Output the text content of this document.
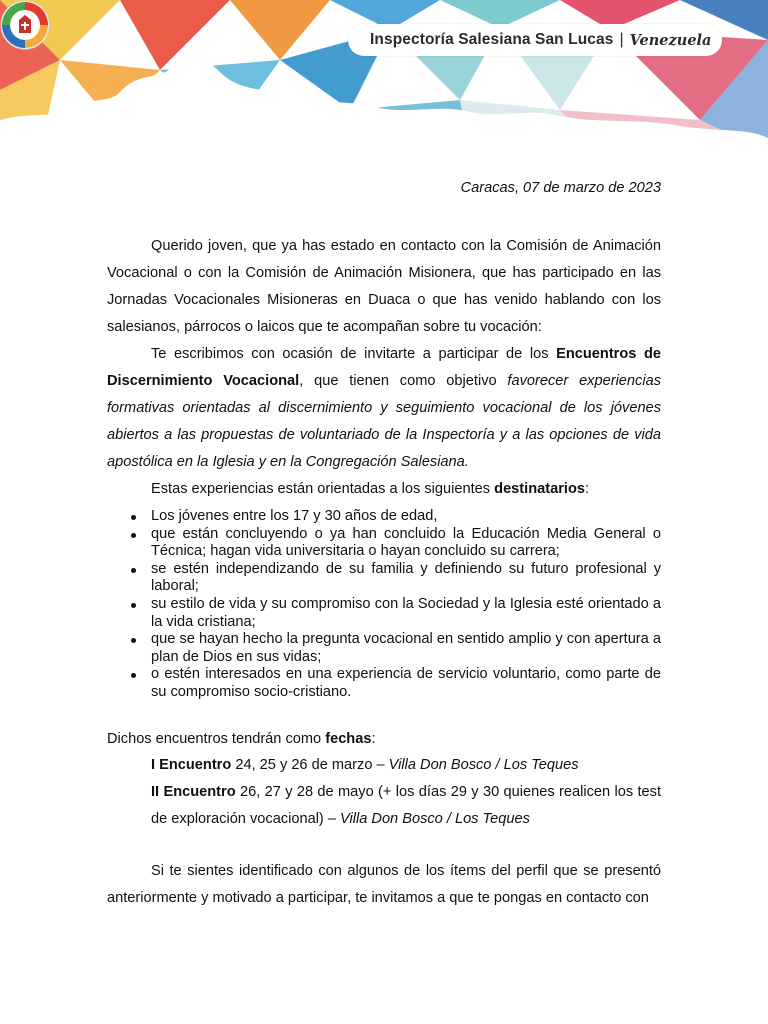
Inspectoría Salesiana San Lucas | Venezuela
Caracas, 07 de marzo de 2023

Querido joven, que ya has estado en contacto con la Comisión de Animación Vocacional o con la Comisión de Animación Misionera, que has participado en las Jornadas Vocacionales Misioneras en Duaca o que has venido hablando con los salesianos, párrocos o laicos que te acompañan sobre tu vocación:

Te escribimos con ocasión de invitarte a participar de los Encuentros de Discernimiento Vocacional, que tienen como objetivo favorecer experiencias formativas orientadas al discernimiento y seguimiento vocacional de los jóvenes abiertos a las propuestas de voluntariado de la Inspectoría y a las opciones de vida apostólica en la Iglesia y en la Congregación Salesiana.

Estas experiencias están orientadas a los siguientes destinatarios:

Los jóvenes entre los 17 y 30 años de edad,
que están concluyendo o ya han concluido la Educación Media General o Técnica; hagan vida universitaria o hayan concluido su carrera;
se estén independizando de su familia y definiendo su futuro profesional y laboral;
su estilo de vida y su compromiso con la Sociedad y la Iglesia esté orientado a la vida cristiana;
que se hayan hecho la pregunta vocacional en sentido amplio y con apertura a plan de Dios en sus vidas;
o estén interesados en una experiencia de servicio voluntario, como parte de su compromiso socio-cristiano.
Dichos encuentros tendrán como fechas:

I Encuentro 24, 25 y 26 de marzo – Villa Don Bosco / Los Teques

II Encuentro 26, 27 y 28 de mayo (+ los días 29 y 30 quienes realicen los test de exploración vocacional) – Villa Don Bosco / Los Teques

Si te sientes identificado con algunos de los ítems del perfil que se presentó anteriormente y motivado a participar, te invitamos a que te pongas en contacto con
